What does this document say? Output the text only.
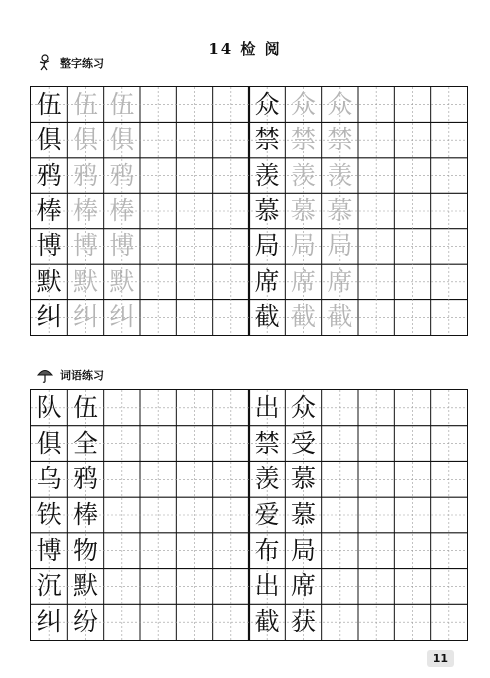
14 检 阅
整字练习
伍 伍 伍	众 众 众
俱 俱 俱	禁 禁 禁
鸦 鸦 鸦	羡 羡 羡
棒 棒 棒	慕 慕 慕
博 博 博	局 局 局
默 默 默	席 席 席
纠 纠 纠	截 截 截
词语练习
队 伍	出 众
俱 全	禁 受
乌 鸦	羡 慕
铁 棒	爱 慕
博 物	布 局
沉 默	出 席
纠 纷	截 获
11
